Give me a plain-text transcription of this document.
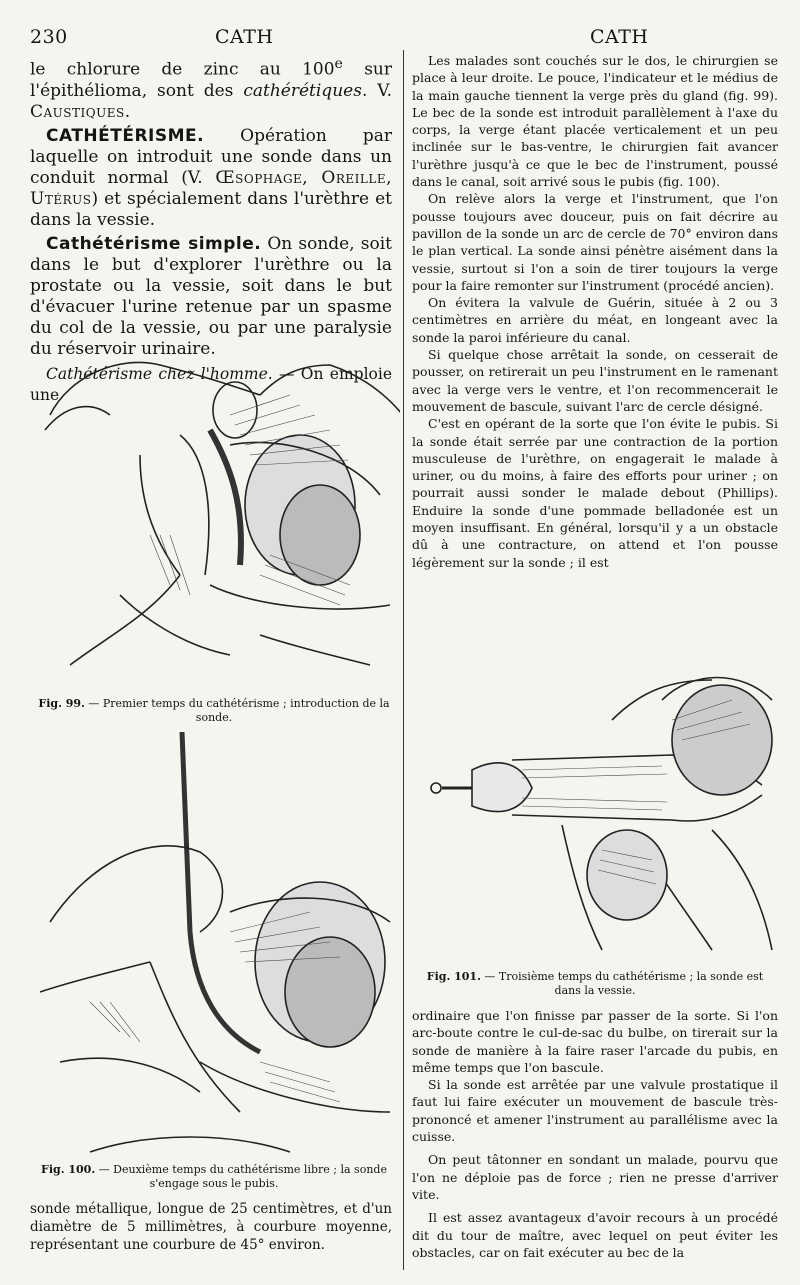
230	CATH	CATH

le chlorure de zinc au 100e sur l'épithélioma, sont des cathérétiques. V. Caustiques.

CATHÉTÉRISME. Opération par laquelle on introduit une sonde dans un conduit normal (V. Œsophage, Oreille, Utérus) et spécialement dans l'urèthre et dans la vessie.

Cathétérisme simple. On sonde, soit dans le but d'explorer l'urèthre ou la prostate ou la vessie, soit dans le but d'évacuer l'urine retenue par un spasme du col de la vessie, ou par une paralysie du réservoir urinaire.

Cathétérisme chez l'homme. — On emploie une

Fig. 99. — Premier temps du cathétérisme ; introduction de la sonde.
Fig. 100. — Deuxième temps du cathétérisme libre ; la sonde s'engage sous le pubis.

sonde métallique, longue de 25 centimètres, et d'un diamètre de 5 millimètres, à courbure moyenne, représentant une courbure de 45° environ.

Les malades sont couchés sur le dos, le chirurgien se place à leur droite. Le pouce, l'indicateur et le médius de la main gauche tiennent la verge près du gland (fig. 99). Le bec de la sonde est introduit parallèlement à l'axe du corps, la verge étant placée verticalement et un peu inclinée sur le bas-ventre, le chirurgien fait avancer l'urèthre jusqu'à ce que le bec de l'instrument, poussé dans le canal, soit arrivé sous le pubis (fig. 100).

On relève alors la verge et l'instrument, que l'on pousse toujours avec douceur, puis on fait décrire au pavillon de la sonde un arc de cercle de 70° environ dans le plan vertical. La sonde ainsi pénètre aisément dans la vessie, surtout si l'on a soin de tirer toujours la verge pour la faire remonter sur l'instrument (procédé ancien).

On évitera la valvule de Guérin, située à 2 ou 3 centimètres en arrière du méat, en longeant avec la sonde la paroi inférieure du canal.

Si quelque chose arrêtait la sonde, on cesserait de pousser, on retirerait un peu l'instrument en le ramenant avec la verge vers le ventre, et l'on recommencerait le mouvement de bascule, suivant l'arc de cercle désigné.

C'est en opérant de la sorte que l'on évite le pubis. Si la sonde était serrée par une contraction de la portion musculeuse de l'urèthre, on engagerait le malade à uriner, ou du moins, à faire des efforts pour uriner ; on pourrait aussi sonder le malade debout (Phillips). Enduire la sonde d'une pommade belladonée est un moyen insuffisant. En général, lorsqu'il y a un obstacle dû à une contracture, on attend et l'on pousse légèrement sur la sonde ; il est

Fig. 101. — Troisième temps du cathétérisme ; la sonde est dans la vessie.

ordinaire que l'on finisse par passer de la sorte. Si l'on arc-boute contre le cul-de-sac du bulbe, on tirerait sur la sonde de manière à la faire raser l'arcade du pubis, en même temps que l'on bascule.

Si la sonde est arrêtée par une valvule prostatique il faut lui faire exécuter un mouvement de bascule très-prononcé et amener l'instrument au parallélisme avec la cuisse.

On peut tâtonner en sondant un malade, pourvu que l'on ne déploie pas de force ; rien ne presse d'arriver vite.

Il est assez avantageux d'avoir recours à un procédé dit du tour de maître, avec lequel on peut éviter les obstacles, car on fait exécuter au bec de la
